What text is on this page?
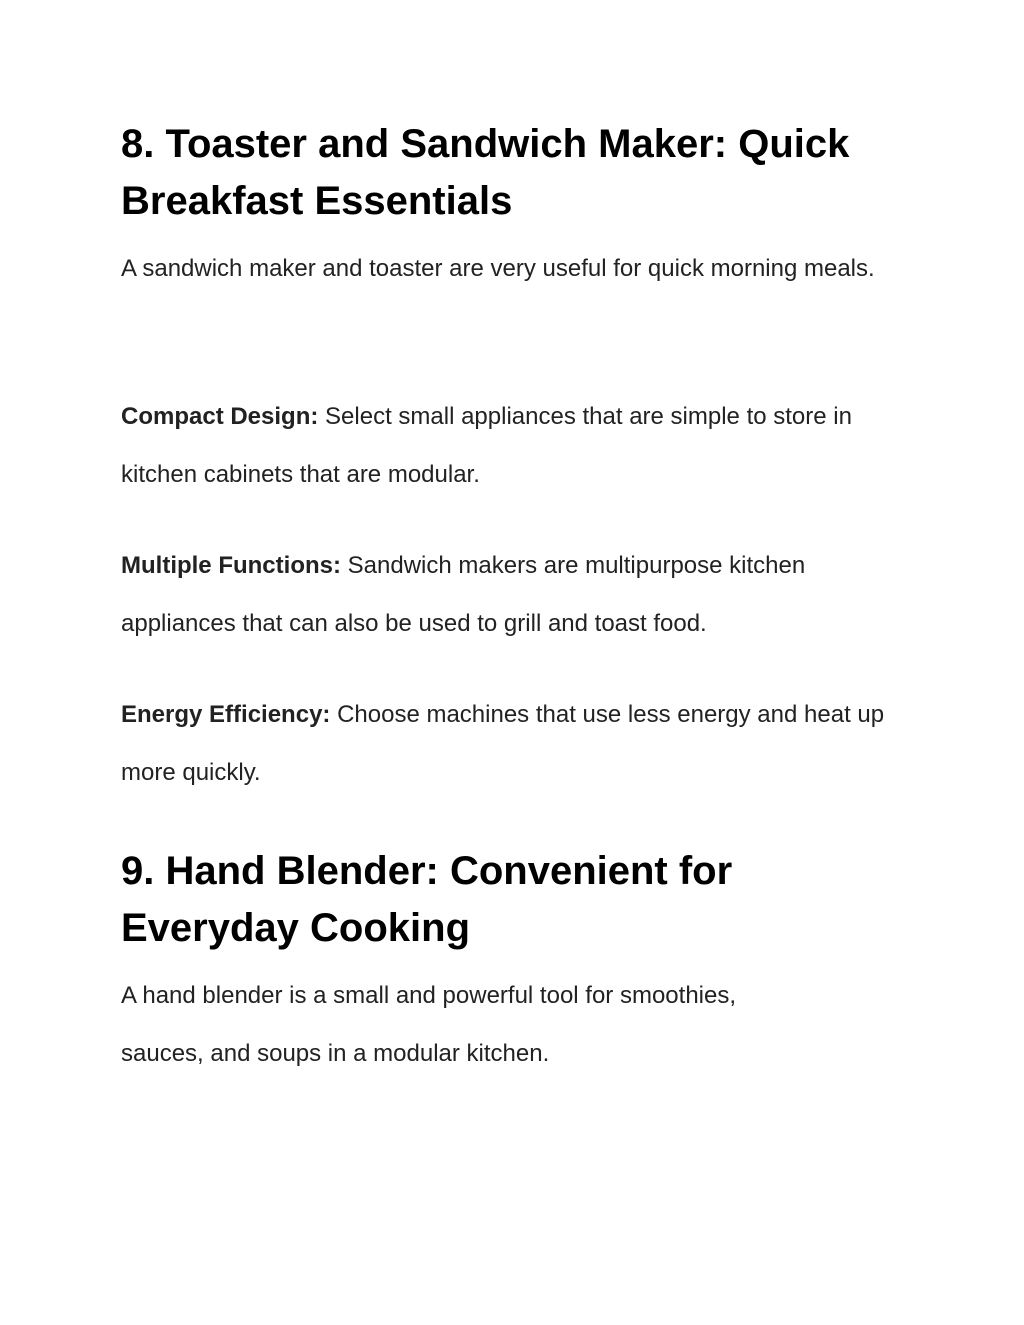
8. Toaster and Sandwich Maker: Quick Breakfast Essentials

A sandwich maker and toaster are very useful for quick morning meals.

Compact Design: Select small appliances that are simple to store in kitchen cabinets that are modular.

Multiple Functions: Sandwich makers are multipurpose kitchen appliances that can also be used to grill and toast food.

Energy Efficiency: Choose machines that use less energy and heat up more quickly.

9. Hand Blender: Convenient for Everyday Cooking

A hand blender is a small and powerful tool for smoothies, sauces, and soups in a modular kitchen.
